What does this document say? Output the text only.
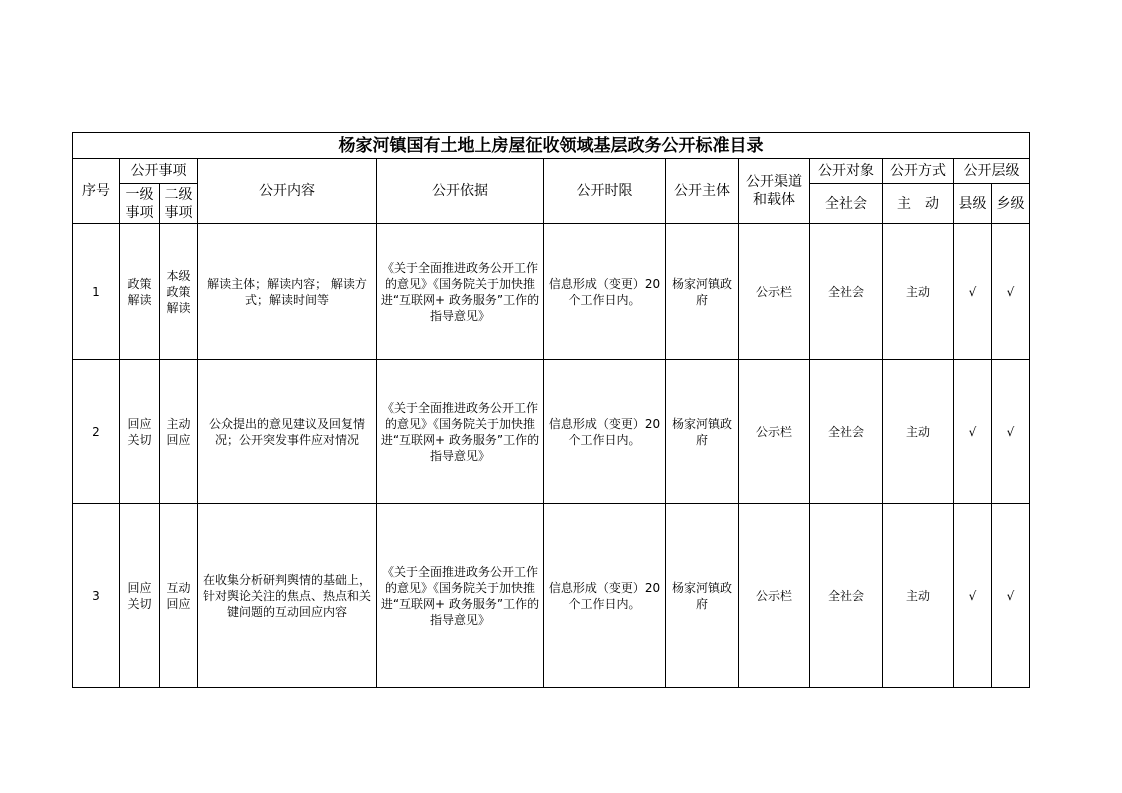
杨家河镇国有土地上房屋征收领域基层政务公开标准目录											
序号	公开事项		公开内容	公开依据	公开时限	公开主体	公开渠道和载体	公开对象	公开方式	公开层级	
	一级事项	二级事项						全社会	主　动	县级	乡级
1	政策解读	本级政策解读	解读主体；解读内容； 解读方式；解读时间等	《关于全面推进政务公开工作的意见》《国务院关于加快推进“互联网+ 政务服务”工作的指导意见》	信息形成（变更）20个工作日内。	杨家河镇政府	公示栏	全社会	主动	√	√
2	回应关切	主动回应	公众提出的意见建议及回复情况；公开突发事件应对情况	《关于全面推进政务公开工作的意见》《国务院关于加快推进“互联网+ 政务服务”工作的指导意见》	信息形成（变更）20个工作日内。	杨家河镇政府	公示栏	全社会	主动	√	√
3	回应关切	互动回应	在收集分析研判舆情的基础上，针对舆论关注的焦点、热点和关键问题的互动回应内容	《关于全面推进政务公开工作的意见》《国务院关于加快推进“互联网+ 政务服务”工作的指导意见》	信息形成（变更）20个工作日内。	杨家河镇政府	公示栏	全社会	主动	√	√
